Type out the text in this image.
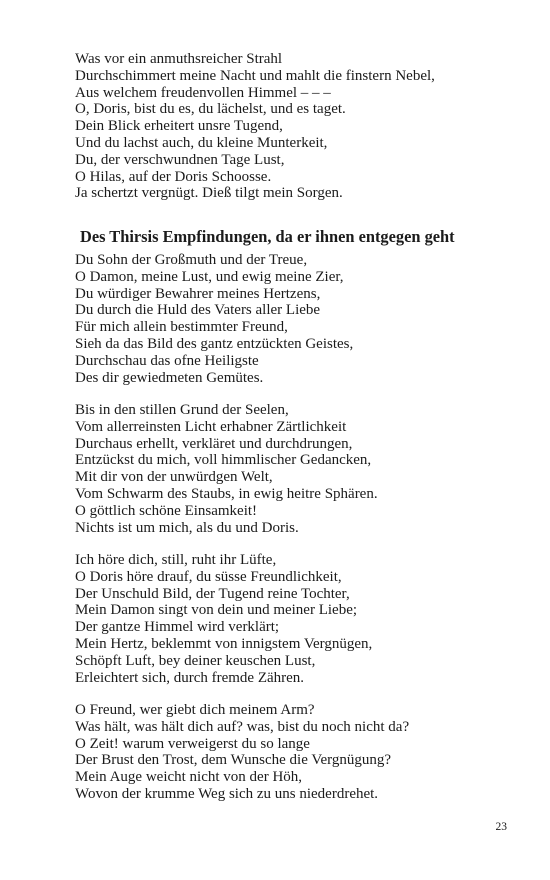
Was vor ein anmuthsreicher Strahl
Durchschimmert meine Nacht und mahlt die finstern Nebel,
Aus welchem freudenvollen Himmel – – –
O, Doris, bist du es, du lächelst, und es taget.
Dein Blick erheitert unsre Tugend,
Und du lachst auch, du kleine Munterkeit,
Du, der verschwundnen Tage Lust,
O Hilas, auf der Doris Schoosse.
Ja schertzt vergnügt. Dieß tilgt mein Sorgen.
Des Thirsis Empfindungen, da er ihnen entgegen geht
Du Sohn der Großmuth und der Treue,
O Damon, meine Lust, und ewig meine Zier,
Du würdiger Bewahrer meines Hertzens,
Du durch die Huld des Vaters aller Liebe
Für mich allein bestimmter Freund,
Sieh da das Bild des gantz entzückten Geistes,
Durchschau das ofne Heiligste
Des dir gewiedmeten Gemütes.
Bis in den stillen Grund der Seelen,
Vom allerreinsten Licht erhabner Zärtlichkeit
Durchaus erhellt, verkläret und durchdrungen,
Entzückst du mich, voll himmlischer Gedancken,
Mit dir von der unwürdgen Welt,
Vom Schwarm des Staubs, in ewig heitre Sphären.
O göttlich schöne Einsamkeit!
Nichts ist um mich, als du und Doris.
Ich höre dich, still, ruht ihr Lüfte,
O Doris höre drauf, du süsse Freundlichkeit,
Der Unschuld Bild, der Tugend reine Tochter,
Mein Damon singt von dein und meiner Liebe;
Der gantze Himmel wird verklärt;
Mein Hertz, beklemmt von innigstem Vergnügen,
Schöpft Luft, bey deiner keuschen Lust,
Erleichtert sich, durch fremde Zähren.
O Freund, wer giebt dich meinem Arm?
Was hält, was hält dich auf? was, bist du noch nicht da?
O Zeit! warum verweigerst du so lange
Der Brust den Trost, dem Wunsche die Vergnügung?
Mein Auge weicht nicht von der Höh,
Wovon der krumme Weg sich zu uns niederdrehet.
23
